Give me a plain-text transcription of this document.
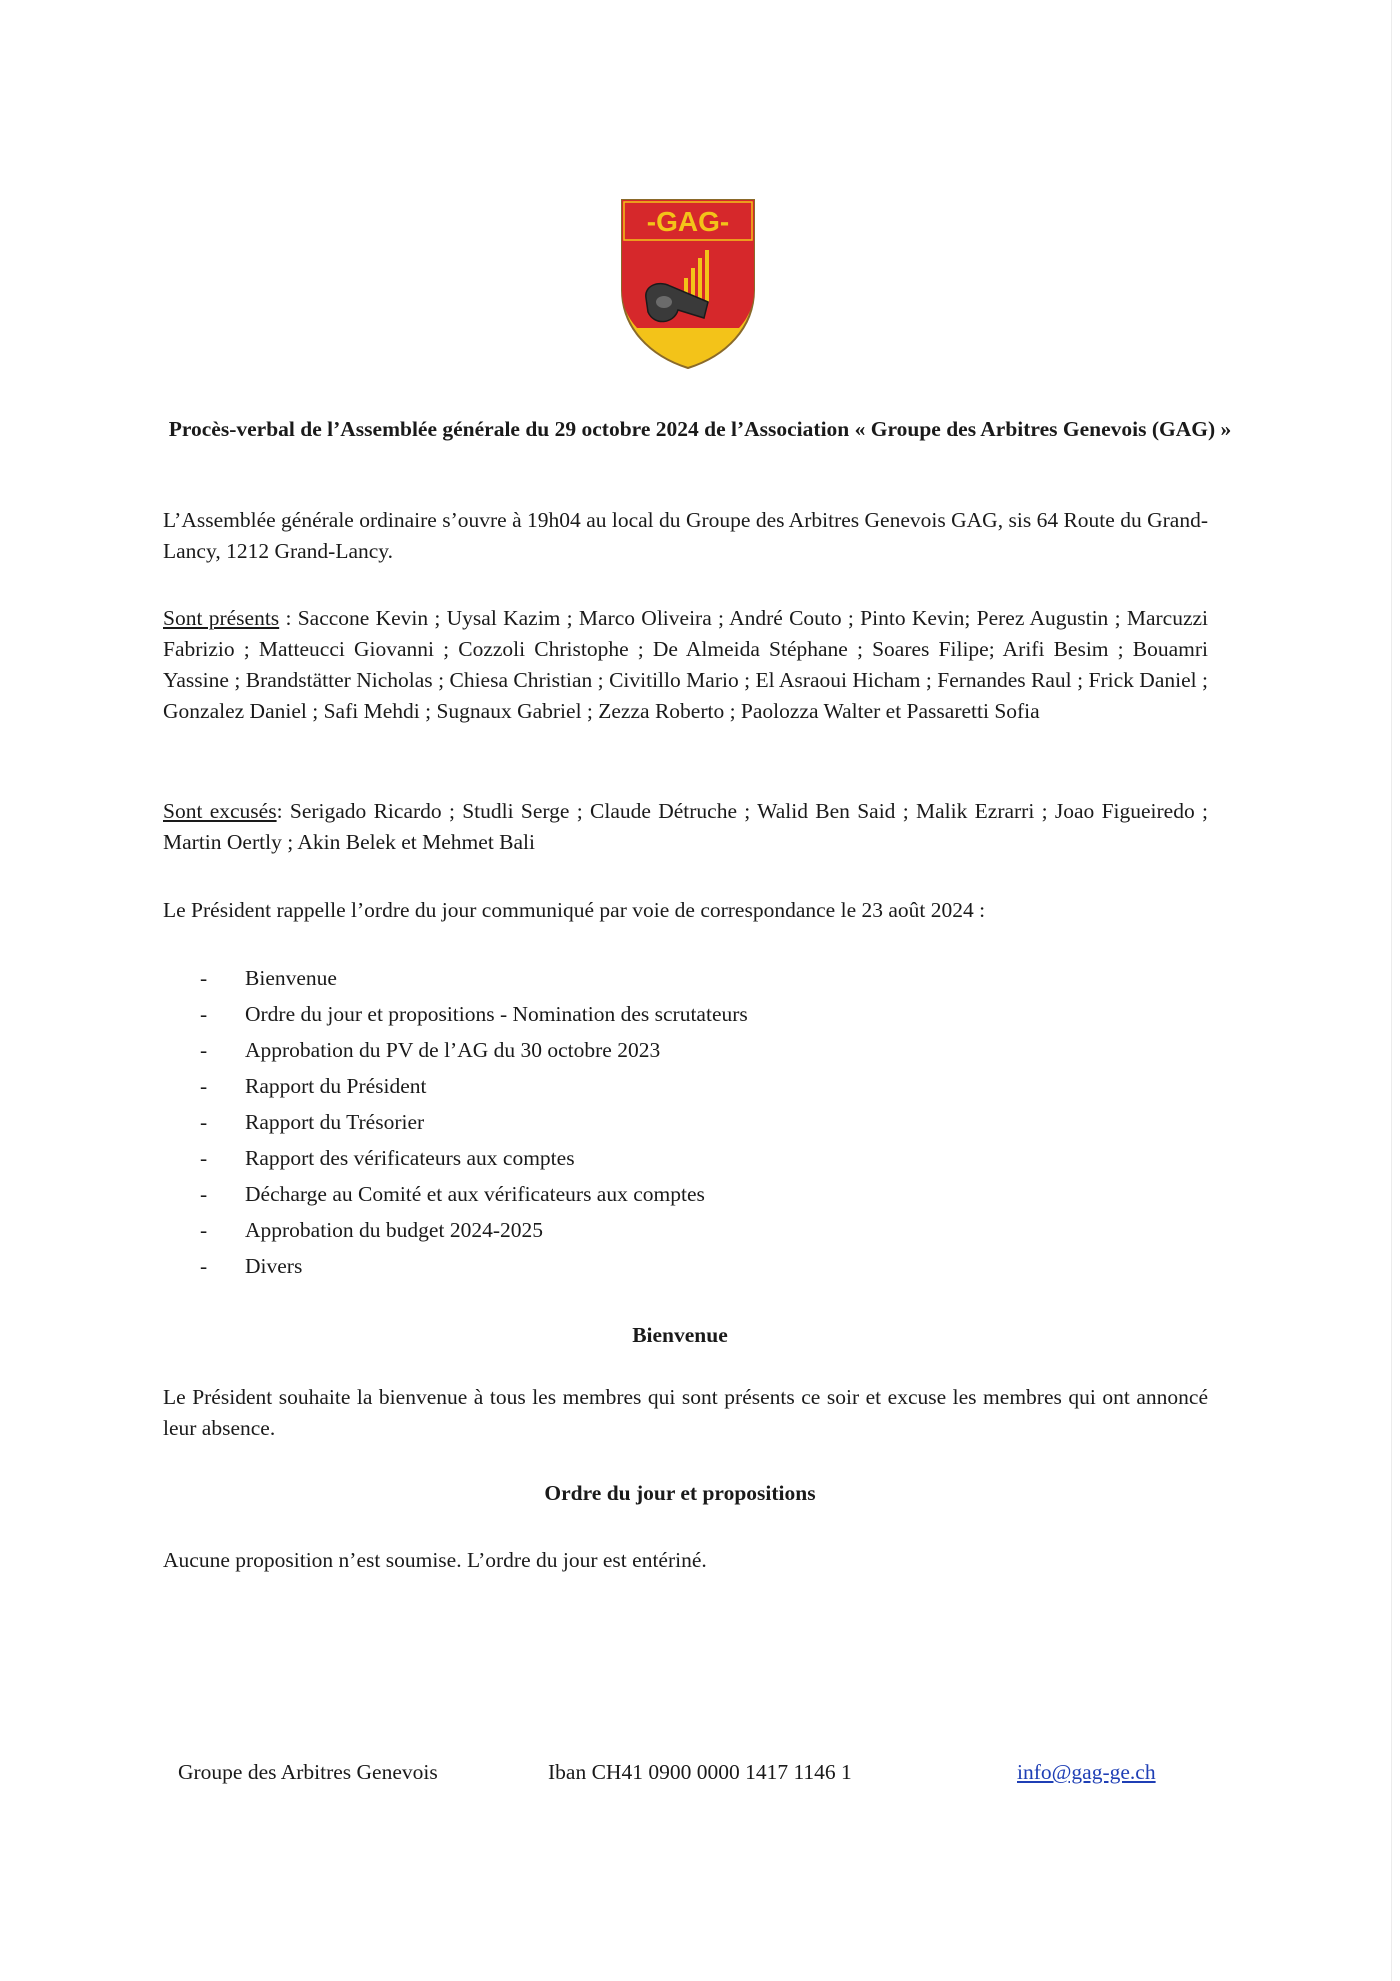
-GAG-

Procès-verbal de l’Assemblée générale du 29 octobre 2024 de l’Association « Groupe des Arbitres Genevois (GAG) »

L’Assemblée générale ordinaire s’ouvre à 19h04 au local du Groupe des Arbitres Genevois GAG, sis 64 Route du Grand-Lancy, 1212 Grand-Lancy.

Sont présents : Saccone Kevin ; Uysal Kazim ; Marco Oliveira ; André Couto ; Pinto Kevin; Perez Augustin ; Marcuzzi Fabrizio ; Matteucci Giovanni ; Cozzoli Christophe ; De Almeida Stéphane ; Soares Filipe; Arifi Besim ; Bouamri Yassine ; Brandstätter Nicholas ; Chiesa Christian ; Civitillo Mario ; El Asraoui Hicham ; Fernandes Raul ; Frick Daniel ; Gonzalez Daniel ; Safi Mehdi ; Sugnaux Gabriel ; Zezza Roberto ; Paolozza Walter et Passaretti Sofia

Sont excusés: Serigado Ricardo ; Studli Serge ; Claude Détruche ; Walid Ben Said ; Malik Ezrarri ; Joao Figueiredo ; Martin Oertly ; Akin Belek et Mehmet Bali

Le Président rappelle l’ordre du jour communiqué par voie de correspondance le 23 août 2024 :

-	Bienvenue
-	Ordre du jour et propositions - Nomination des scrutateurs
-	Approbation du PV de l’AG du 30 octobre 2023
-	Rapport du Président
-	Rapport du Trésorier
-	Rapport des vérificateurs aux comptes
-	Décharge au Comité et aux vérificateurs aux comptes
-	Approbation du budget 2024-2025
-	Divers
Bienvenue

Le Président souhaite la bienvenue à tous les membres qui sont présents ce soir et excuse les membres qui ont annoncé leur absence.

Ordre du jour et propositions

Aucune proposition n’est soumise. L’ordre du jour est entériné.

Groupe des Arbitres Genevois	Iban CH41 0900 0000 1417 1146 1	info@gag-ge.ch
